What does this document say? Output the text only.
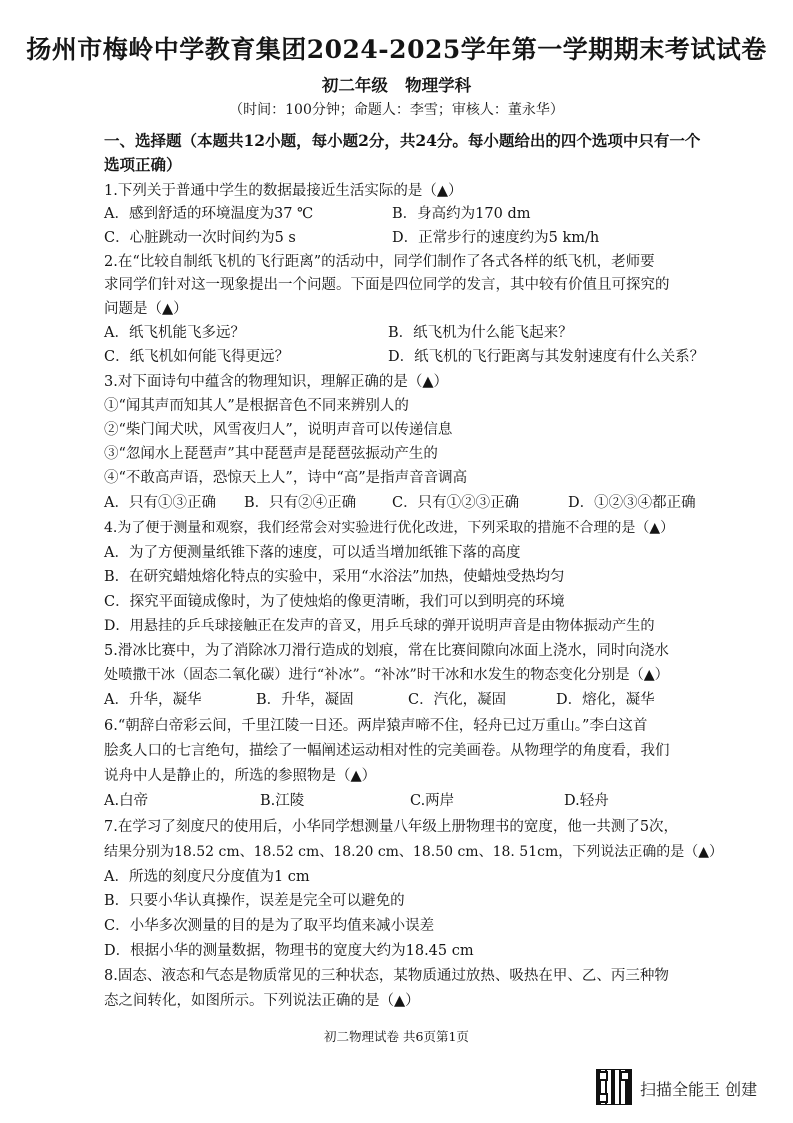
扬州市梅岭中学教育集团2024-2025学年第一学期期末考试试卷
初二年级   物理学科
（时间：100分钟；命题人：李雪；审核人：董永华）
一、选择题（本题共12小题，每小题2分，共24分。每小题给出的四个选项中只有一个
选项正确）
1.下列关于普通中学生的数据最接近生活实际的是（▲）
A．感到舒适的环境温度为37 ℃	B．身高约为170 dm
C．心脏跳动一次时间约为5 s	D．正常步行的速度约为5 km/h
2.在“比较自制纸飞机的飞行距离”的活动中，同学们制作了各式各样的纸飞机，老师要
求同学们针对这一现象提出一个问题。下面是四位同学的发言，其中较有价值且可探究的
问题是（▲）
A．纸飞机能飞多远？	B．纸飞机为什么能飞起来？
C．纸飞机如何能飞得更远？	D．纸飞机的飞行距离与其发射速度有什么关系？
3.对下面诗句中蕴含的物理知识，理解正确的是（▲）
①“闻其声而知其人”是根据音色不同来辨别人的
②“柴门闻犬吠，风雪夜归人”，说明声音可以传递信息
③“忽闻水上琵琶声”其中琵琶声是琵琶弦振动产生的
④“不敢高声语，恐惊天上人”，诗中“高”是指声音音调高
A．只有①③正确 B．只有②④正确 C．只有①②③正确	D．①②③④都正确
4.为了便于测量和观察，我们经常会对实验进行优化改进，下列采取的措施不合理的是（▲）
A．为了方便测量纸锥下落的速度，可以适当增加纸锥下落的高度
B．在研究蜡烛熔化特点的实验中，采用“水浴法”加热，使蜡烛受热均匀
C．探究平面镜成像时，为了使烛焰的像更清晰，我们可以到明亮的环境
D．用悬挂的乒乓球接触正在发声的音叉，用乒乓球的弹开说明声音是由物体振动产生的
5.滑冰比赛中，为了消除冰刀滑行造成的划痕，常在比赛间隙向冰面上浇水，同时向浇水
处喷撒干冰（固态二氧化碳）进行“补冰”。“补冰”时干冰和水发生的物态变化分别是（▲）
A．升华，凝华	B．升华，凝固	C．汽化，凝固	D．熔化，凝华
6.“朝辞白帝彩云间，千里江陵一日还。两岸猿声啼不住，轻舟已过万重山。”李白这首
脍炙人口的七言绝句，描绘了一幅阐述运动相对性的完美画卷。从物理学的角度看，我们
说舟中人是静止的，所选的参照物是（▲）
A.白帝	B.江陵	C.两岸	D.轻舟
7.在学习了刻度尺的使用后，小华同学想测量八年级上册物理书的宽度，他一共测了5次，
结果分别为18.52 cm、18.52 cm、18.20 cm、18.50 cm、18. 51cm，下列说法正确的是（▲）
A．所选的刻度尺分度值为1 cm
B．只要小华认真操作，误差是完全可以避免的
C．小华多次测量的目的是为了取平均值来减小误差
D．根据小华的测量数据，物理书的宽度大约为18.45 cm
8.固态、液态和气态是物质常见的三种状态，某物质通过放热、吸热在甲、乙、丙三种物
态之间转化，如图所示。下列说法正确的是（▲）
初二物理试卷 共6页第1页
扫描全能王 创建
